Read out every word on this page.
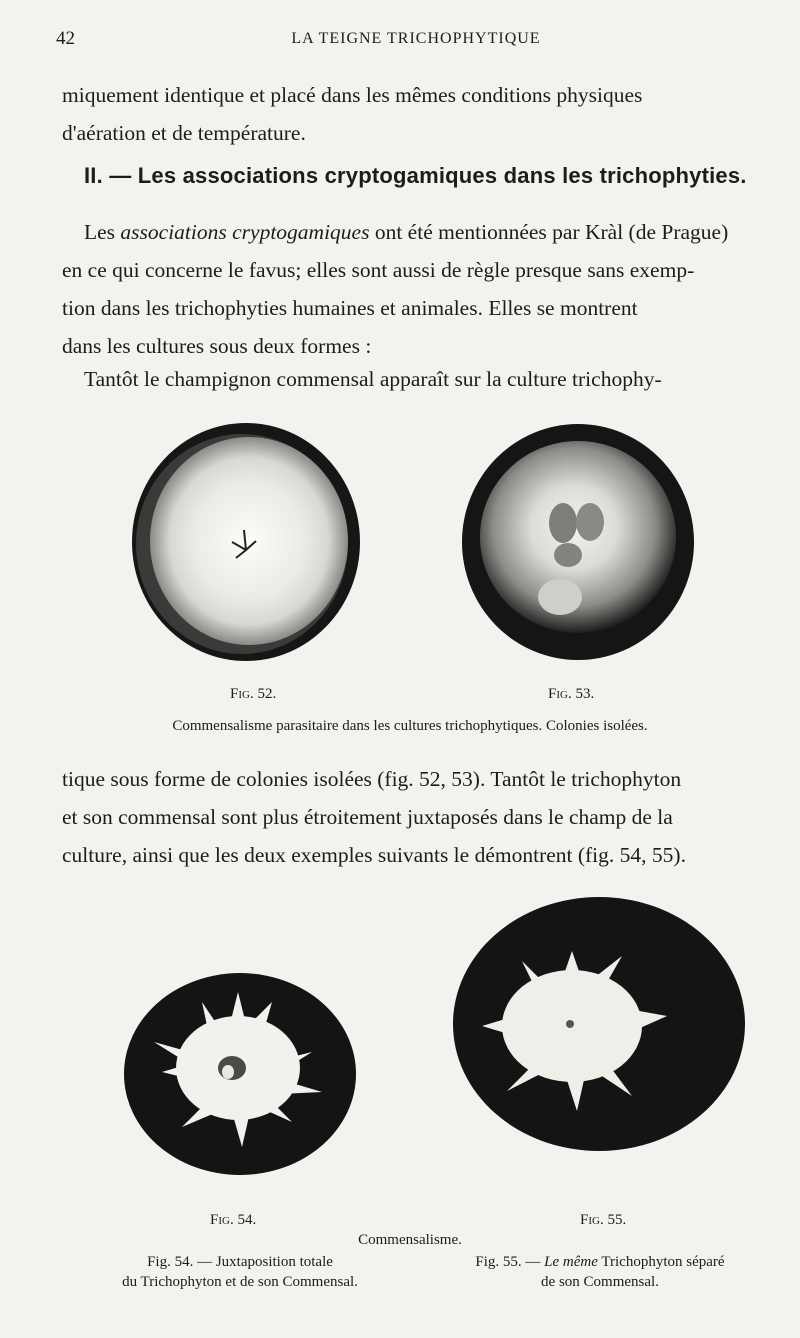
42	LA TEIGNE TRICHOPHYTIQUE
miquement identique et placé dans les mêmes conditions physiques
d'aération et de température.
II. — Les associations cryptogamiques dans les trichophyties.
Les associations cryptogamiques ont été mentionnées par Kràl (de Prague)
en ce qui concerne le favus; elles sont aussi de règle presque sans exemp-
tion dans les trichophyties humaines et animales. Elles se montrent
dans les cultures sous deux formes :
Tantôt le champignon commensal apparaît sur la culture trichophy-
Fig. 52.	Fig. 53.
Commensalisme parasitaire dans les cultures trichophytiques. Colonies isolées.
tique sous forme de colonies isolées (fig. 52, 53). Tantôt le trichophyton
et son commensal sont plus étroitement juxtaposés dans le champ de la
culture, ainsi que les deux exemples suivants le démontrent (fig. 54, 55).
Fig. 54.	Fig. 55.
Commensalisme.
Fig. 54. — Juxtaposition totale
du Trichophyton et de son Commensal.
Fig. 55. — Le même Trichophyton séparé
de son Commensal.
